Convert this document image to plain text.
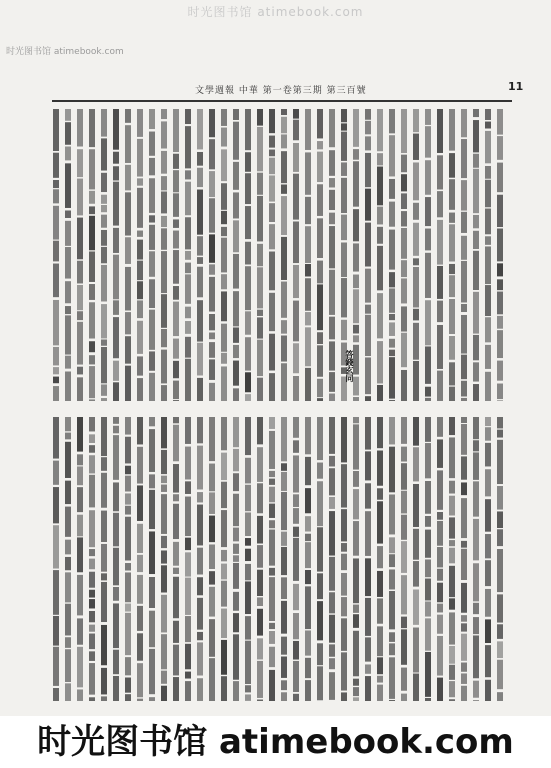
时光图书馆 atimebook.com
时光图书馆 atimebook.com
文學週報 中華 第一卷第三期 第三百號	11
答錢玄同
时光图书馆 atimebook.com
